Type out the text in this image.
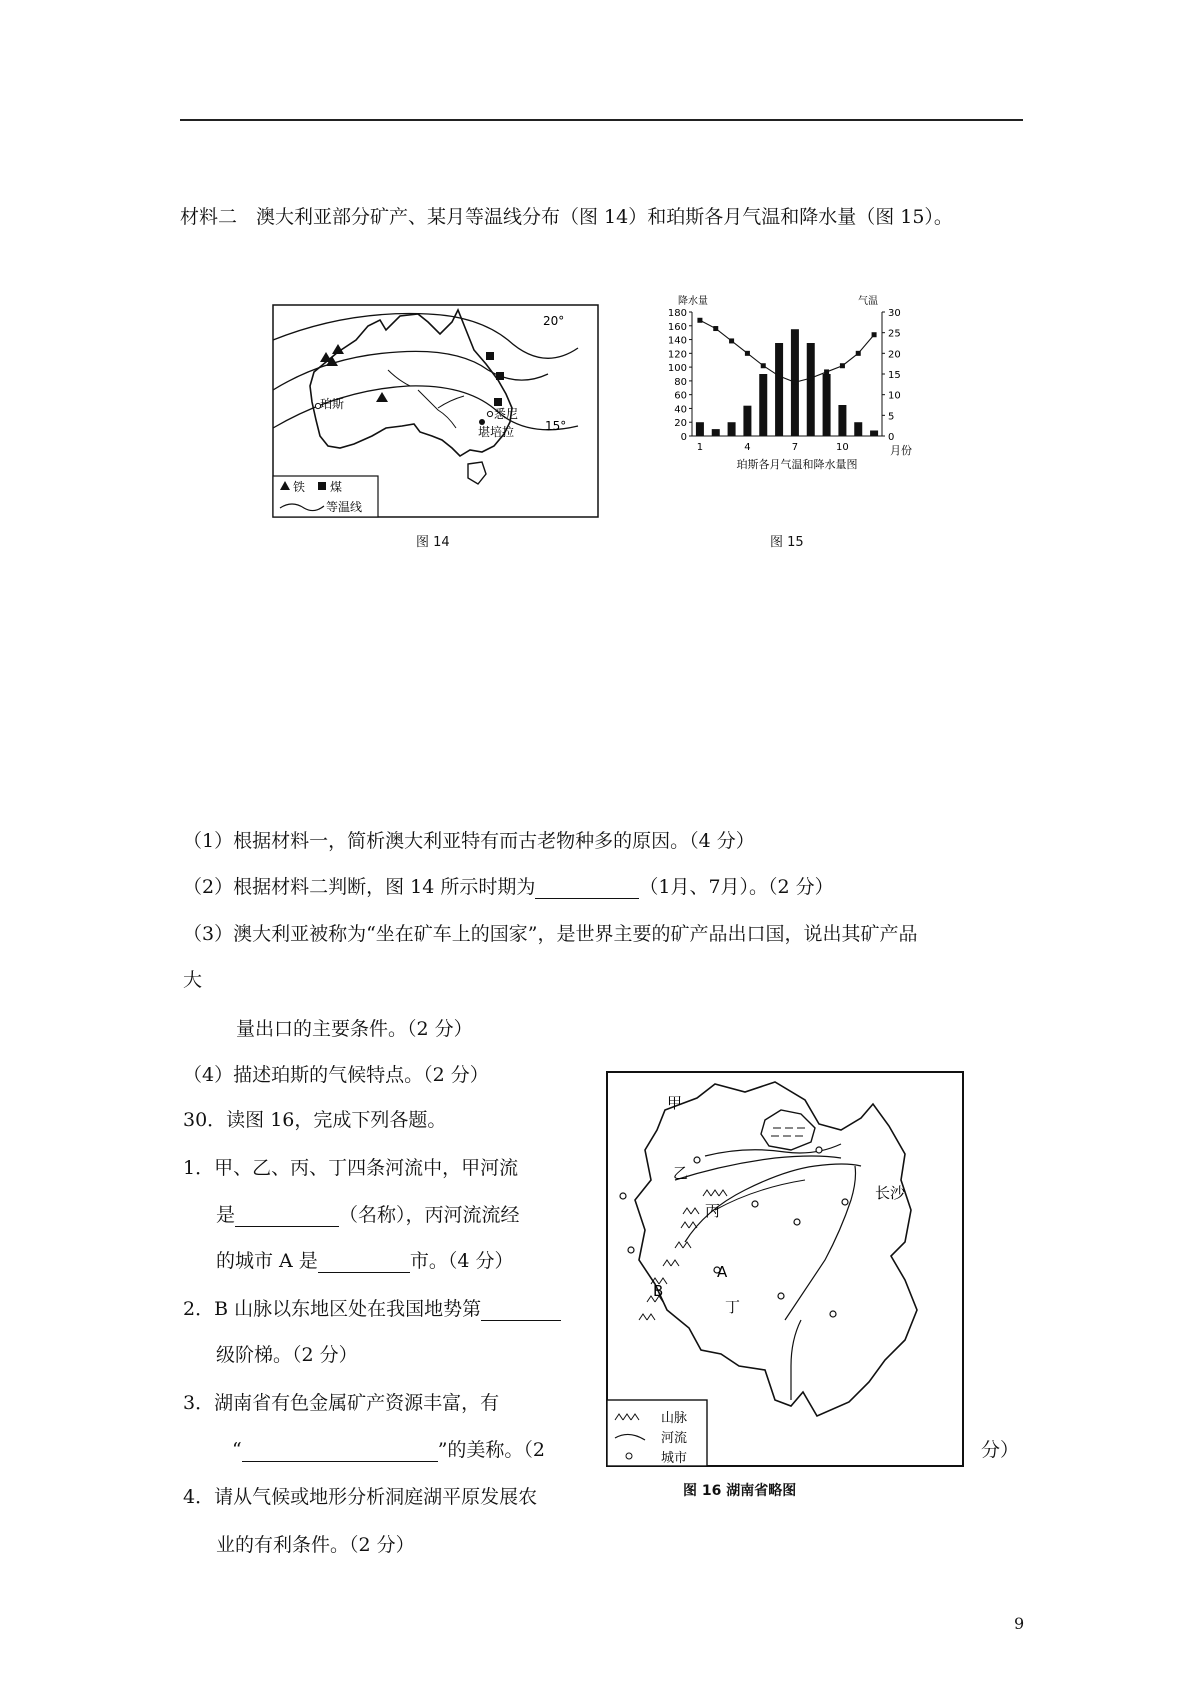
材料二　澳大利亚部分矿产、某月等温线分布（图 14）和珀斯各月气温和降水量（图 15）。
珀斯
悉尼
堪培拉
20°
15°
铁 煤
等温线
图 14
0
20
40
60
80
100
120
140
160
180
0
5
10
15
20
25
30
降水量	气温
月份
1	4	7	10
珀斯各月气温和降水量图
图 15
（1）根据材料一，简析澳大利亚特有而古老物种多的原因。（4 分）
（2）根据材料二判断，图 14 所示时期为	（1月、7月）。（2 分）
（3）澳大利亚被称为“坐在矿车上的国家”，是世界主要的矿产品出口国，说出其矿产品
大
量出口的主要条件。（2 分）
（4）描述珀斯的气候特点。（2 分）
30．读图 16，完成下列各题。
1．甲、乙、丙、丁四条河流中，甲河流
是	（名称），丙河流流经
的城市 A 是	市。（4 分）
2．B 山脉以东地区处在我国地势第
级阶梯。（2 分）
3．湖南省有色金属矿产资源丰富，有
“	”的美称。（2	分）
4．请从气候或地形分析洞庭湖平原发展农
业的有利条件。（2 分）
甲
乙
丙
丁
A
B
长沙
山脉
河流
城市
图 16 湖南省略图
9
